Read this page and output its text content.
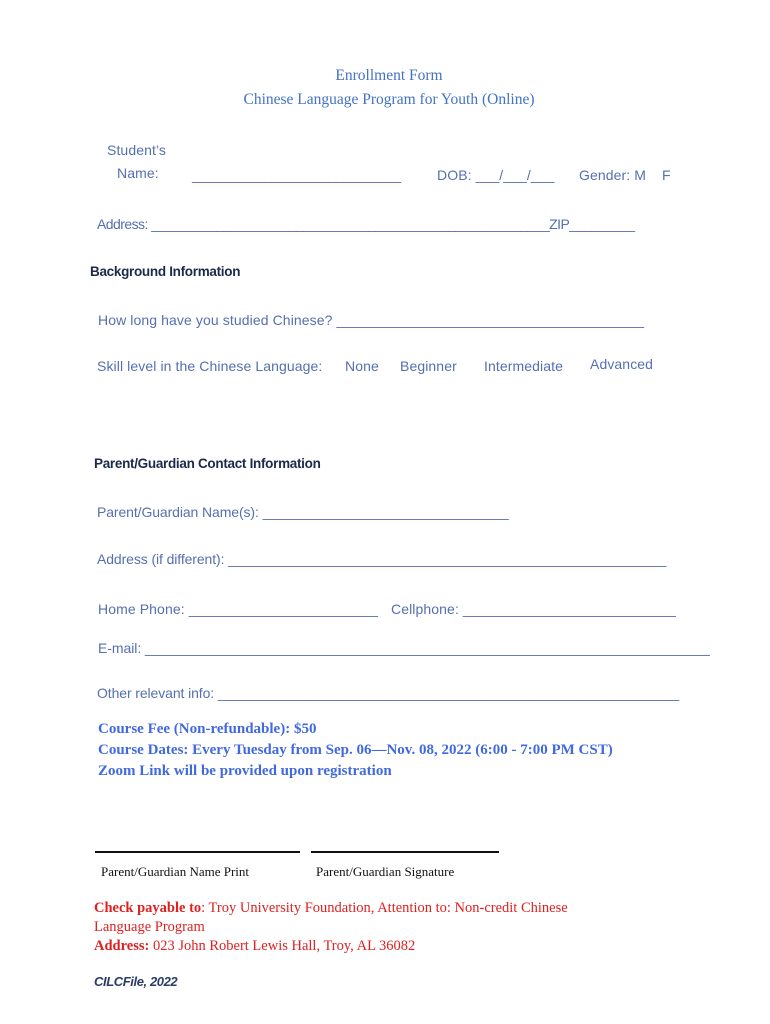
Enrollment Form
Chinese Language Program for Youth (Online)
Student’s
Name: _____________________________	DOB: ___/___/___ Gender: M    F
Address: _______________________________________________________ZIP_________
Background Information
How long have you studied Chinese? _______________________________________
Skill level in the Chinese Language: None Beginner Intermediate Advanced
Parent/Guardian Contact Information
Parent/Guardian Name(s): ________________________________
Address (if different): _________________________________________________________
Home Phone: ________________________ Cellphone: ___________________________
E-mail: _________________________________________________________________________
Other relevant info: ____________________________________________________________
Course Fee (Non-refundable): $50
Course Dates: Every Tuesday from Sep. 06—Nov. 08, 2022 (6:00 - 7:00 PM CST)
Zoom Link will be provided upon registration
Parent/Guardian Name Print	Parent/Guardian Signature
Check payable to: Troy University Foundation, Attention to: Non-credit Chinese
Language Program
Address: 023 John Robert Lewis Hall, Troy, AL 36082
CILCFile, 2022
